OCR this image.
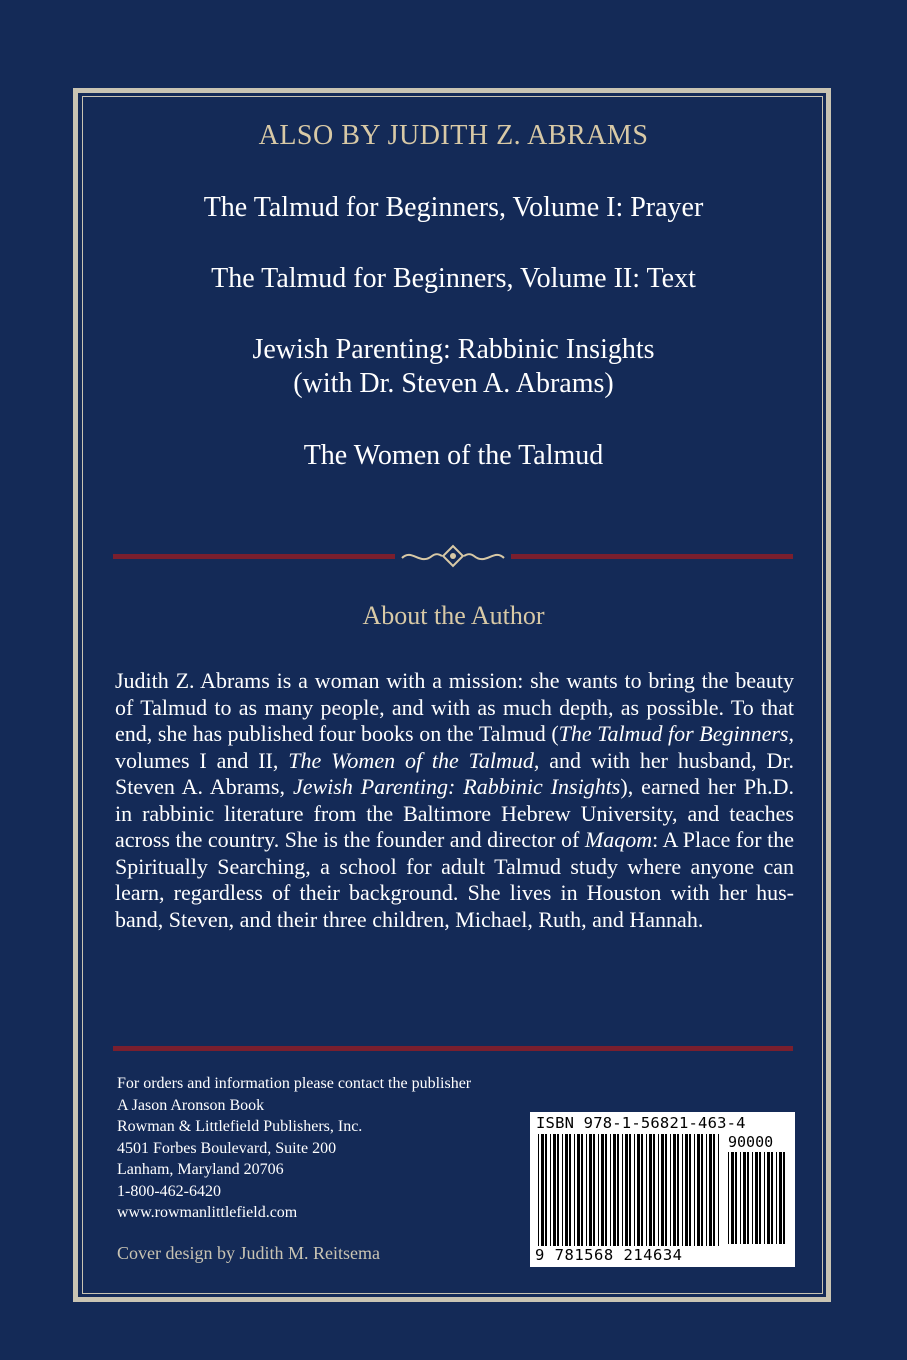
ALSO BY JUDITH Z. ABRAMS
The Talmud for Beginners, Volume I: Prayer
The Talmud for Beginners, Volume II: Text
Jewish Parenting: Rabbinic Insights
(with Dr. Steven A. Abrams)
The Women of the Talmud
About the Author
Judith Z. Abrams is a woman with a mission: she wants to bring the beauty of Talmud to as many people, and with as much depth, as possible. To that end, she has published four books on the Talmud (The Talmud for Beginners, volumes I and II, The Women of the Talmud, and with her husband, Dr. Steven A. Abrams, Jewish Parenting: Rabbinic Insights), earned her Ph.D. in rabbinic literature from the Baltimore Hebrew University, and teaches across the country. She is the founder and director of Maqom: A Place for the Spiritually Searching, a school for adult Talmud study where anyone can learn, regardless of their background. She lives in Houston with her hus-band, Steven, and their three children, Michael, Ruth, and Hannah.
For orders and information please contact the publisher
A Jason Aronson Book
Rowman & Littlefield Publishers, Inc.
4501 Forbes Boulevard, Suite 200
Lanham, Maryland 20706
1-800-462-6420
www.rowmanlittlefield.com
Cover design by Judith M. Reitsema
ISBN 978-1-56821-463-4
90000
9 781568 214634
